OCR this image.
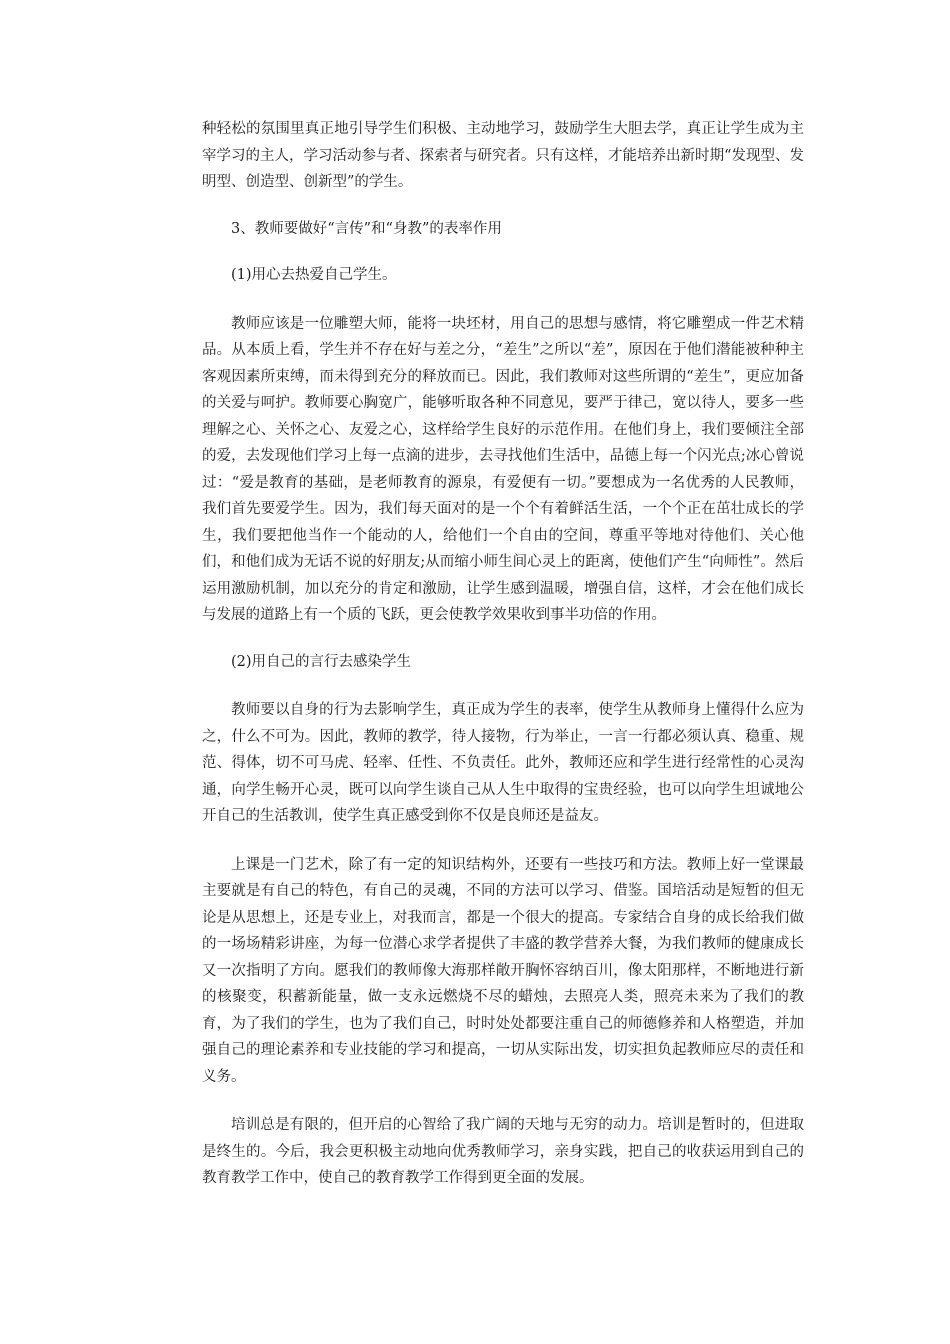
种轻松的氛围里真正地引导学生们积极、主动地学习，鼓励学生大胆去学，真正让学生成为主宰学习的主人，学习活动参与者、探索者与研究者。只有这样，才能培养出新时期“发现型、发明型、创造型、创新型”的学生。

3、教师要做好“言传”和“身教”的表率作用

(1)用心去热爱自己学生。

教师应该是一位雕塑大师，能将一块坯材，用自己的思想与感情，将它雕塑成一件艺术精品。从本质上看，学生并不存在好与差之分，“差生”之所以“差”，原因在于他们潜能被种种主客观因素所束缚，而未得到充分的释放而已。因此，我们教师对这些所谓的“差生”，更应加备的关爱与呵护。教师要心胸宽广，能够听取各种不同意见，要严于律己，宽以待人，要多一些理解之心、关怀之心、友爱之心，这样给学生良好的示范作用。在他们身上，我们要倾注全部的爱，去发现他们学习上每一点滴的进步，去寻找他们生活中，品德上每一个闪光点;冰心曾说过：“爱是教育的基础，是老师教育的源泉，有爱便有一切。”要想成为一名优秀的人民教师，我们首先要爱学生。因为，我们每天面对的是一个个有着鲜活生活，一个个正在茁壮成长的学生，我们要把他当作一个能动的人，给他们一个自由的空间，尊重平等地对待他们、关心他们，和他们成为无话不说的好朋友;从而缩小师生间心灵上的距离，使他们产生“向师性”。然后运用激励机制，加以充分的肯定和激励，让学生感到温暖，增强自信，这样，才会在他们成长与发展的道路上有一个质的飞跃，更会使教学效果收到事半功倍的作用。

(2)用自己的言行去感染学生

教师要以自身的行为去影响学生，真正成为学生的表率，使学生从教师身上懂得什么应为之，什么不可为。因此，教师的教学，待人接物，行为举止，一言一行都必须认真、稳重、规范、得体，切不可马虎、轻率、任性、不负责任。此外，教师还应和学生进行经常性的心灵沟通，向学生畅开心灵，既可以向学生谈自己从人生中取得的宝贵经验，也可以向学生坦诚地公开自己的生活教训，使学生真正感受到你不仅是良师还是益友。

上课是一门艺术，除了有一定的知识结构外，还要有一些技巧和方法。教师上好一堂课最主要就是有自己的特色，有自己的灵魂，不同的方法可以学习、借鉴。国培活动是短暂的但无论是从思想上，还是专业上，对我而言，都是一个很大的提高。专家结合自身的成长给我们做的一场场精彩讲座，为每一位潜心求学者提供了丰盛的教学营养大餐，为我们教师的健康成长又一次指明了方向。愿我们的教师像大海那样敞开胸怀容纳百川，像太阳那样，不断地进行新的核聚变，积蓄新能量，做一支永远燃烧不尽的蜡烛，去照亮人类，照亮未来为了我们的教育，为了我们的学生，也为了我们自己，时时处处都要注重自己的师德修养和人格塑造，并加强自己的理论素养和专业技能的学习和提高，一切从实际出发，切实担负起教师应尽的责任和义务。

培训总是有限的，但开启的心智给了我广阔的天地与无穷的动力。培训是暂时的，但进取是终生的。今后，我会更积极主动地向优秀教师学习，亲身实践，把自己的收获运用到自己的教育教学工作中，使自己的教育教学工作得到更全面的发展。
